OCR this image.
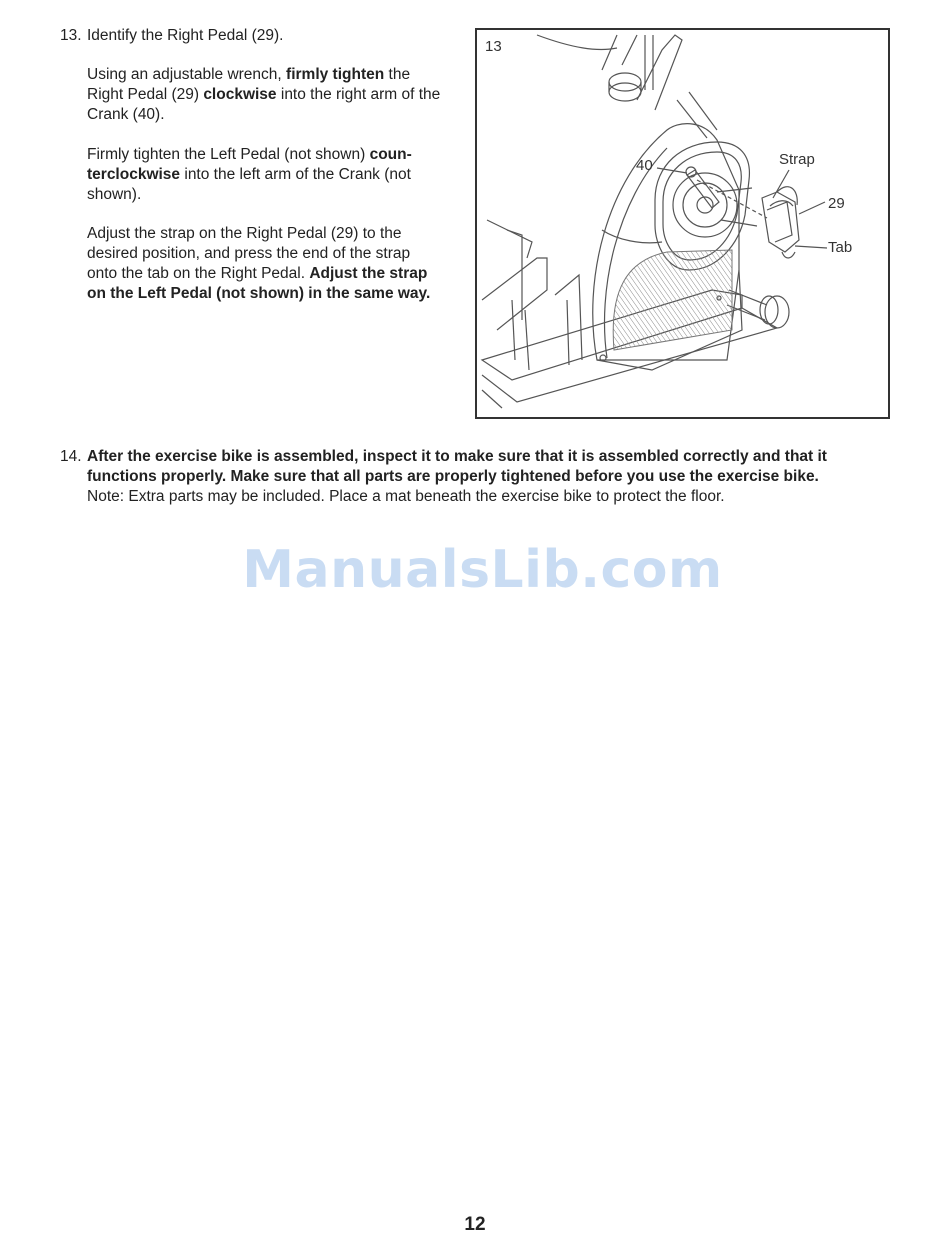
13. Identify the Right Pedal (29).
Using an adjustable wrench, firmly tighten the Right Pedal (29) clockwise into the right arm of the Crank (40).
Firmly tighten the Left Pedal (not shown) coun-
terclockwise into the left arm of the Crank (not shown).
Adjust the strap on the Right Pedal (29) to the desired position, and press the end of the strap onto the tab on the Right Pedal. Adjust the strap on the Left Pedal (not shown) in the same way.
13
40	Strap
29
Tab
14. After the exercise bike is assembled, inspect it to make sure that it is assembled correctly and that it functions properly. Make sure that all parts are properly tightened before you use the exercise bike.
Note: Extra parts may be included. Place a mat beneath the exercise bike to protect the floor.
ManualsLib.com
12
